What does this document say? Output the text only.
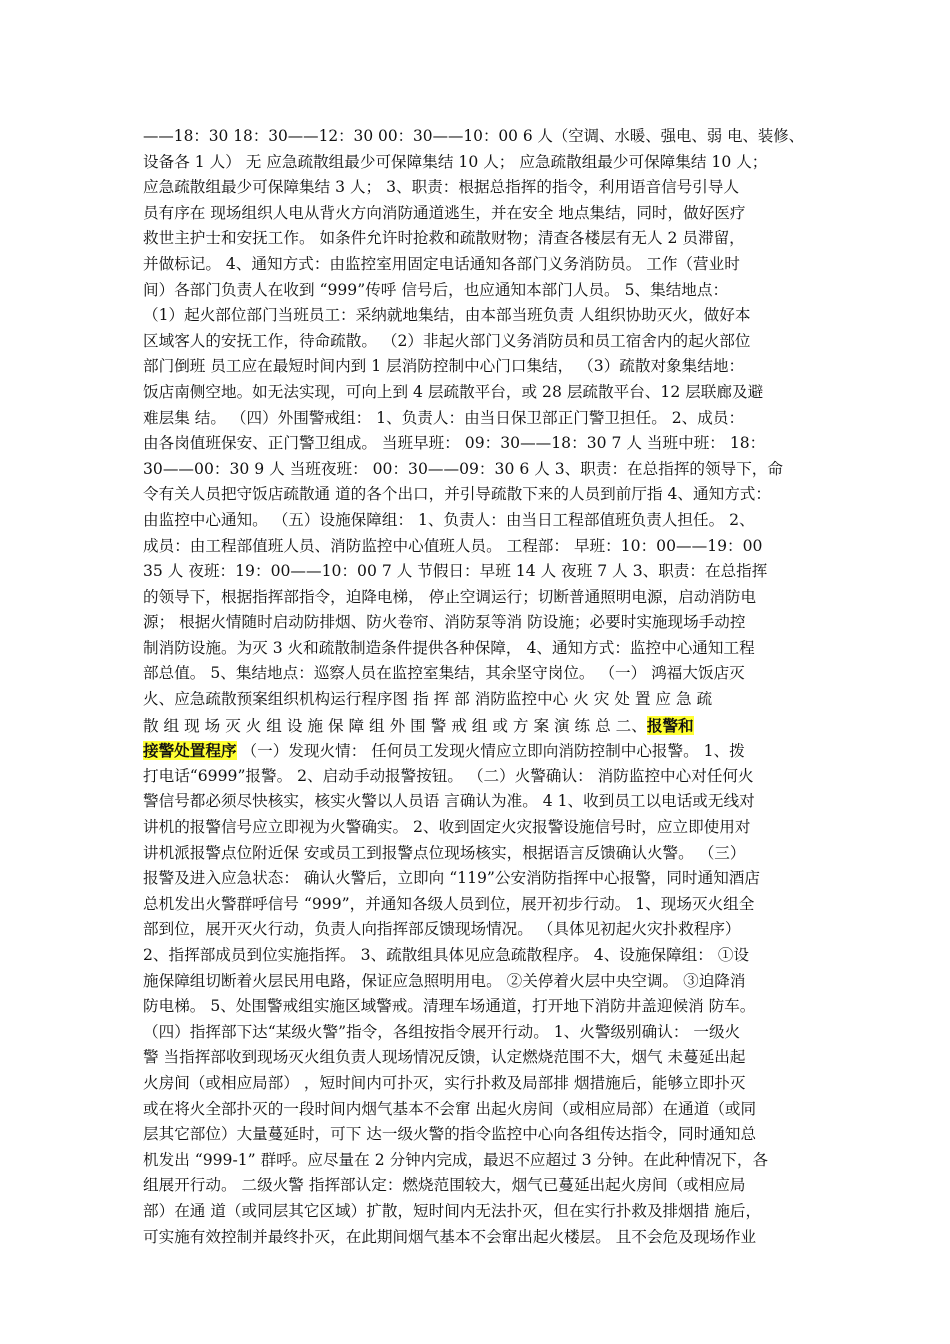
——18：30 18：30——12：30 00：30——10：00 6 人（空调、水暖、强电、弱 电、装修、
设备各 1 人） 无 应急疏散组最少可保障集结 10 人； 应急疏散组最少可保障集结 10 人；
应急疏散组最少可保障集结 3 人； 3、职责：根据总指挥的指令，利用语音信号引导人
员有序在 现场组织人电从背火方向消防通道逃生，并在安全 地点集结，同时，做好医疗
救世主护士和安抚工作。 如条件允许时抢救和疏散财物；清查各楼层有无人 2 员滞留，
并做标记。 4、通知方式：由监控室用固定电话通知各部门义务消防员。 工作（营业时
间）各部门负责人在收到 “999”传呼 信号后，也应通知本部门人员。 5、集结地点：
（1）起火部位部门当班员工：采纳就地集结，由本部当班负责 人组织协助灭火，做好本
区域客人的安抚工作，待命疏散。 （2）非起火部门义务消防员和员工宿舍内的起火部位
部门倒班 员工应在最短时间内到 1 层消防控制中心门口集结， （3）疏散对象集结地：
饭店南侧空地。如无法实现，可向上到 4 层疏散平台，或 28 层疏散平台、12 层联廊及避
难层集 结。 （四）外围警戒组： 1、负责人：由当日保卫部正门警卫担任。 2、成员：
由各岗值班保安、正门警卫组成。 当班早班： 09：30——18：30 7 人 当班中班： 18：
30——00：30 9 人 当班夜班： 00：30——09：30 6 人 3、职责：在总指挥的领导下，命
令有关人员把守饭店疏散通 道的各个出口，并引导疏散下来的人员到前厅指 4、通知方式：
由监控中心通知。 （五）设施保障组： 1、负责人：由当日工程部值班负责人担任。 2、
成员：由工程部值班人员、消防监控中心值班人员。 工程部： 早班：10：00——19：00
35 人 夜班：19：00——10：00 7 人 节假日：早班 14 人 夜班 7 人 3、职责：在总指挥
的领导下，根据指挥部指令，迫降电梯， 停止空调运行；切断普通照明电源，启动消防电
源； 根据火情随时启动防排烟、防火卷帘、消防泵等消 防设施；必要时实施现场手动控
制消防设施。为灭 3 火和疏散制造条件提供各种保障， 4、通知方式：监控中心通知工程
部总值。 5、集结地点：巡察人员在监控室集结，其余坚守岗位。 （一） 鸿福大饭店灭
火、应急疏散预案组织机构运行程序图 指 挥 部 消防监控中心 火 灾 处 置 应 急 疏
散 组 现 场 灭 火 组 设 施 保 障 组 外 围 警 戒 组 或 方 案 演 练 总 二、报警和
接警处置程序 （一）发现火情： 任何员工发现火情应立即向消防控制中心报警。 1、拨
打电话“6999”报警。 2、启动手动报警按钮。 （二）火警确认： 消防监控中心对任何火
警信号都必须尽快核实，核实火警以人员语 言确认为准。 4 1、收到员工以电话或无线对
讲机的报警信号应立即视为火警确实。 2、收到固定火灾报警设施信号时，应立即使用对
讲机派报警点位附近保 安或员工到报警点位现场核实，根据语言反馈确认火警。 （三）
报警及进入应急状态： 确认火警后，立即向 “119”公安消防指挥中心报警，同时通知酒店
总机发出火警群呼信号 “999”，并通知各级人员到位，展开初步行动。 1、现场灭火组全
部到位，展开灭火行动，负责人向指挥部反馈现场情况。 （具体见初起火灾扑救程序）
2、指挥部成员到位实施指挥。 3、疏散组具体见应急疏散程序。 4、设施保障组： ①设
施保障组切断着火层民用电路，保证应急照明用电。 ②关停着火层中央空调。 ③迫降消
防电梯。 5、处围警戒组实施区域警戒。清理车场通道，打开地下消防井盖迎候消 防车。
（四）指挥部下达“某级火警”指令，各组按指令展开行动。 1、火警级别确认： 一级火
警 当指挥部收到现场灭火组负责人现场情况反馈，认定燃烧范围不大，烟气 未蔓延出起
火房间（或相应局部） ，短时间内可扑灭，实行扑救及局部排 烟措施后，能够立即扑灭
或在将火全部扑灭的一段时间内烟气基本不会窜 出起火房间（或相应局部）在通道（或同
层其它部位）大量蔓延时，可下 达一级火警的指令监控中心向各组传达指令，同时通知总
机发出 “999-1” 群呼。应尽量在 2 分钟内完成，最迟不应超过 3 分钟。在此种情况下，各
组展开行动。 二级火警 指挥部认定：燃烧范围较大，烟气已蔓延出起火房间（或相应局
部）在通 道（或同层其它区域）扩散，短时间内无法扑灭，但在实行扑救及排烟措 施后，
可实施有效控制并最终扑灭，在此期间烟气基本不会窜出起火楼层。 且不会危及现场作业
